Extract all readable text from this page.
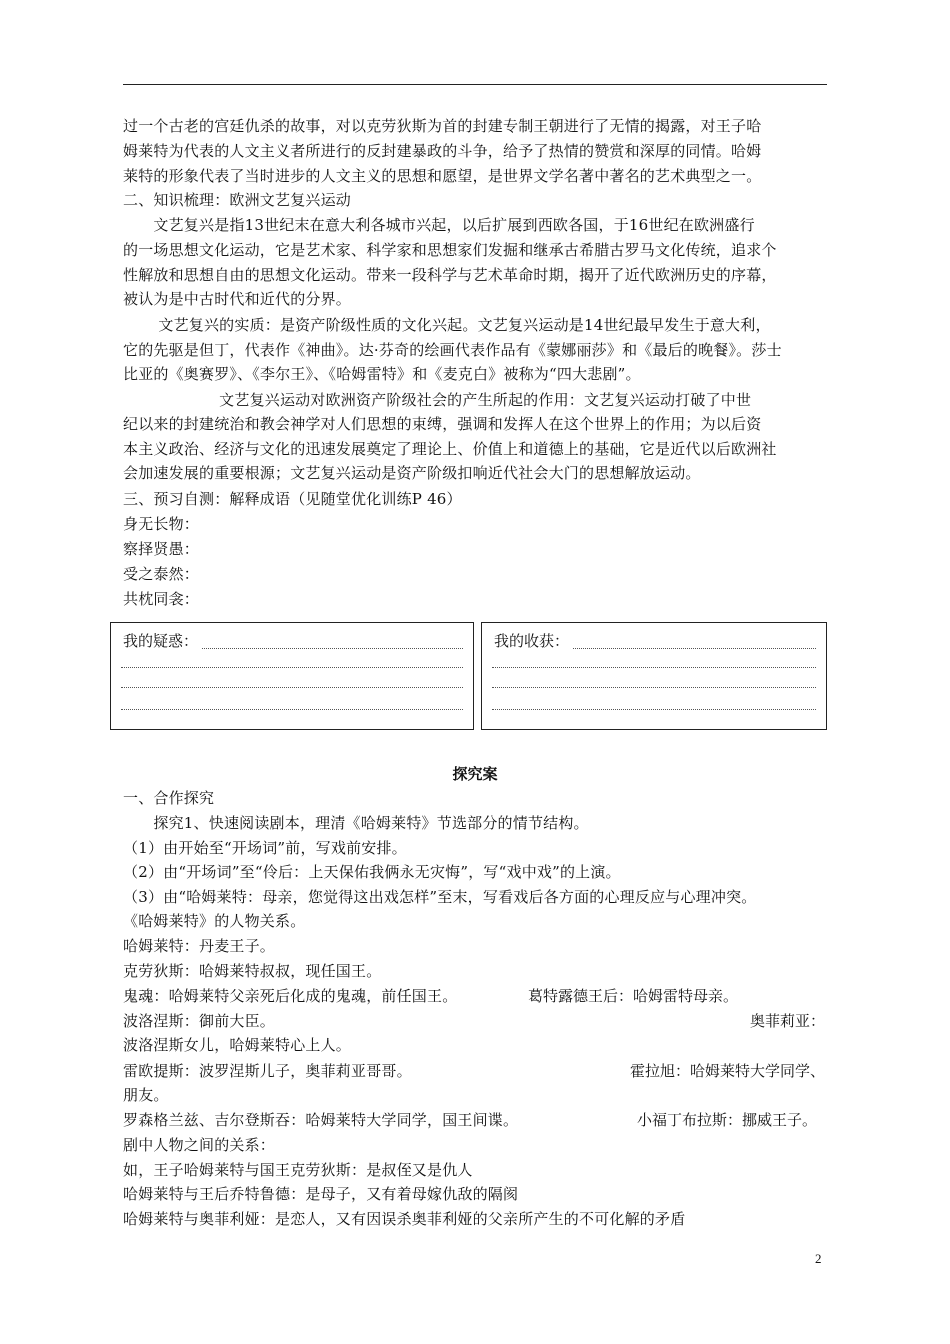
过一个古老的宫廷仇杀的故事，对以克劳狄斯为首的封建专制王朝进行了无情的揭露，对王子哈
姆莱特为代表的人文主义者所进行的反封建暴政的斗争，给予了热情的赞赏和深厚的同情。哈姆
莱特的形象代表了当时进步的人文主义的思想和愿望，是世界文学名著中著名的艺术典型之一。
二、知识梳理：欧洲文艺复兴运动
　　文艺复兴是指13世纪末在意大利各城市兴起，以后扩展到西欧各国，于16世纪在欧洲盛行
的一场思想文化运动，它是艺术家、科学家和思想家们发掘和继承古希腊古罗马文化传统，追求个
性解放和思想自由的思想文化运动。带来一段科学与艺术革命时期，揭开了近代欧洲历史的序幕，
被认为是中古时代和近代的分界。
　　 文艺复兴的实质：是资产阶级性质的文化兴起。文艺复兴运动是14世纪最早发生于意大利，
它的先驱是但丁，代表作《神曲》。达·芬奇的绘画代表作品有《蒙娜丽莎》和《最后的晚餐》。莎士
比亚的《奥赛罗》、《李尔王》、《哈姆雷特》和《麦克白》被称为“四大悲剧”。
　　　　　　 文艺复兴运动对欧洲资产阶级社会的产生所起的作用：文艺复兴运动打破了中世
纪以来的封建统治和教会神学对人们思想的束缚，强调和发挥人在这个世界上的作用；为以后资
本主义政治、经济与文化的迅速发展奠定了理论上、价值上和道德上的基础，它是近代以后欧洲社
会加速发展的重要根源；文艺复兴运动是资产阶级扣响近代社会大门的思想解放运动。
三、预习自测：解释成语（见随堂优化训练P 46）
身无长物：
察择贤愚：
受之泰然：
共枕同衾：
我的疑惑：	我的收获：
探究案
一、合作探究
　　探究1、快速阅读剧本，理清《哈姆莱特》节选部分的情节结构。
（1）由开始至“开场词”前，写戏前安排。
（2）由“开场词”至“伶后：上天保佑我俩永无灾悔”，写“戏中戏”的上演。
（3）由“哈姆莱特：母亲，您觉得这出戏怎样”至末，写看戏后各方面的心理反应与心理冲突。
《哈姆莱特》的人物关系。
哈姆莱特：丹麦王子。
克劳狄斯：哈姆莱特叔叔，现任国王。
鬼魂：哈姆莱特父亲死后化成的鬼魂，前任国王。	葛特露德王后：哈姆雷特母亲。
波洛涅斯：御前大臣。	奥菲莉亚：
波洛涅斯女儿，哈姆莱特心上人。
雷欧提斯：波罗涅斯儿子，奥菲莉亚哥哥。	霍拉旭：哈姆莱特大学同学、
朋友。
罗森格兰兹、吉尔登斯吞：哈姆莱特大学同学，国王间谍。	小福丁布拉斯：挪威王子。
剧中人物之间的关系：
如，王子哈姆莱特与国王克劳狄斯：是叔侄又是仇人
哈姆莱特与王后乔特鲁德：是母子，又有着母嫁仇敌的隔阂
哈姆莱特与奥菲利娅：是恋人，又有因误杀奥菲利娅的父亲所产生的不可化解的矛盾
2
